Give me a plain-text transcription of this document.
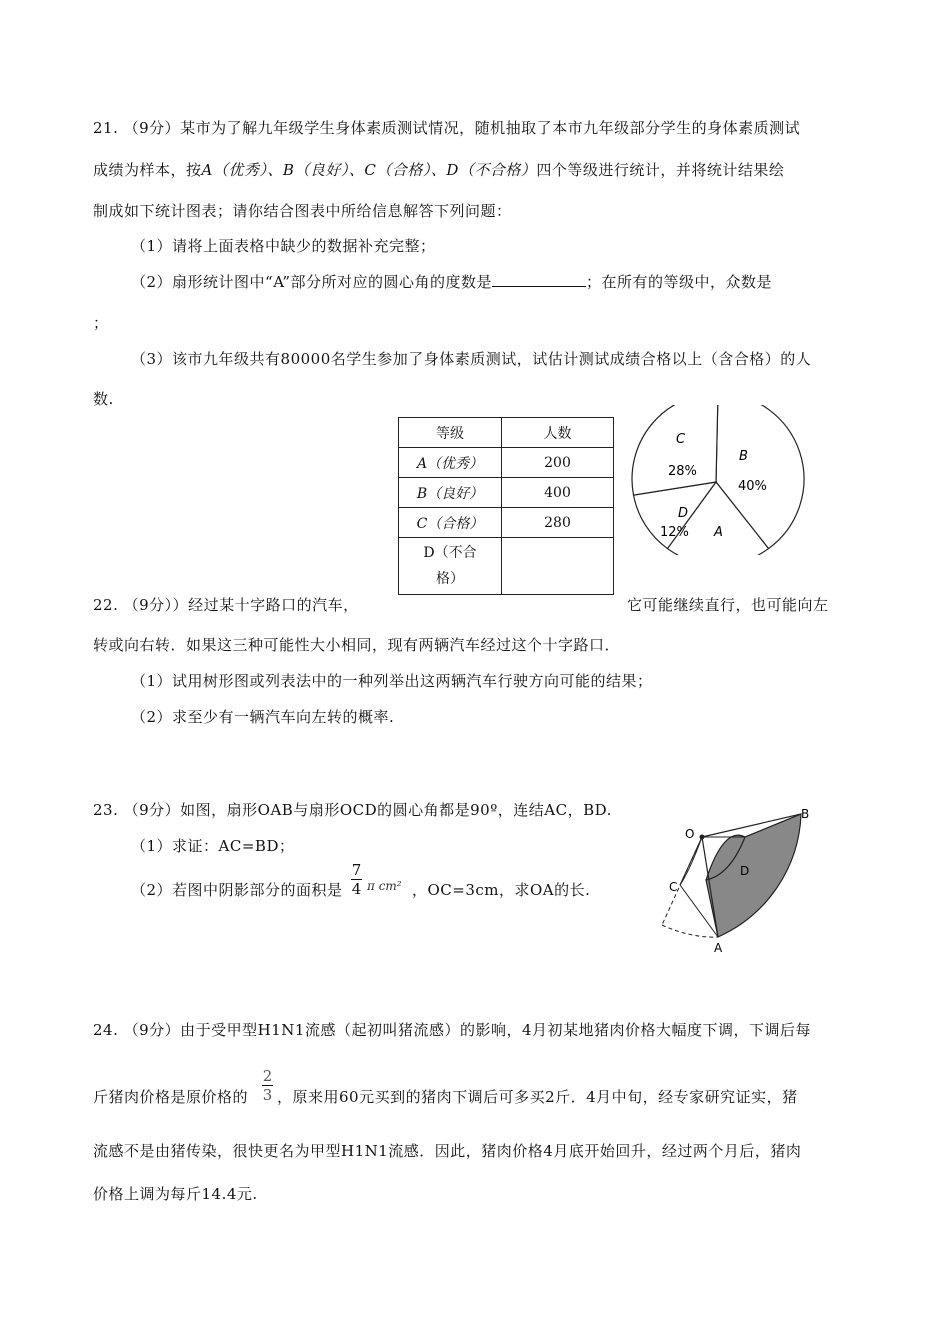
21. （9分）某市为了解九年级学生身体素质测试情况，随机抽取了本市九年级部分学生的身体素质测试
成绩为样本，按A（优秀）、B（良好）、C（合格）、D（不合格）四个等级进行统计，并将统计结果绘
制成如下统计图表；请你结合图表中所给信息解答下列问题：
（1）请将上面表格中缺少的数据补充完整；
（2）扇形统计图中“A”部分所对应的圆心角的度数是	；在所有的等级中，众数是
；
（3）该市九年级共有80000名学生参加了身体素质测试，试估计测试成绩合格以上（含合格）的人
数.
等级	人数
A（优秀）	200
B（良好）	400
C（合格）	280
D（不合
格）	
C
28%
B
40%
D
12% A
22. （9分））经过某十字路口的汽车，	它可能继续直行，也可能向左
转或向右转．如果这三种可能性大小相同，现有两辆汽车经过这个十字路口．
（1）试用树形图或列表法中的一种列举出这两辆汽车行驶方向可能的结果；
（2）求至少有一辆汽车向左转的概率.
23. （9分）如图，扇形OAB与扇形OCD的圆心角都是90º，连结AC，BD.
（1）求证：AC=BD；
（2）若图中阴影部分的面积是
7
4 π cm² ，OC=3cm，求OA的长.
O
B
C
D
A
24. （9分）由于受甲型H1N1流感（起初叫猪流感）的影响，4月初某地猪肉价格大幅度下调，下调后每
斤猪肉价格是原价格的
2
3 ，原来用60元买到的猪肉下调后可多买2斤．4月中旬，经专家研究证实，猪
流感不是由猪传染，很快更名为甲型H1N1流感．因此，猪肉价格4月底开始回升，经过两个月后，猪肉
价格上调为每斤14.4元.
